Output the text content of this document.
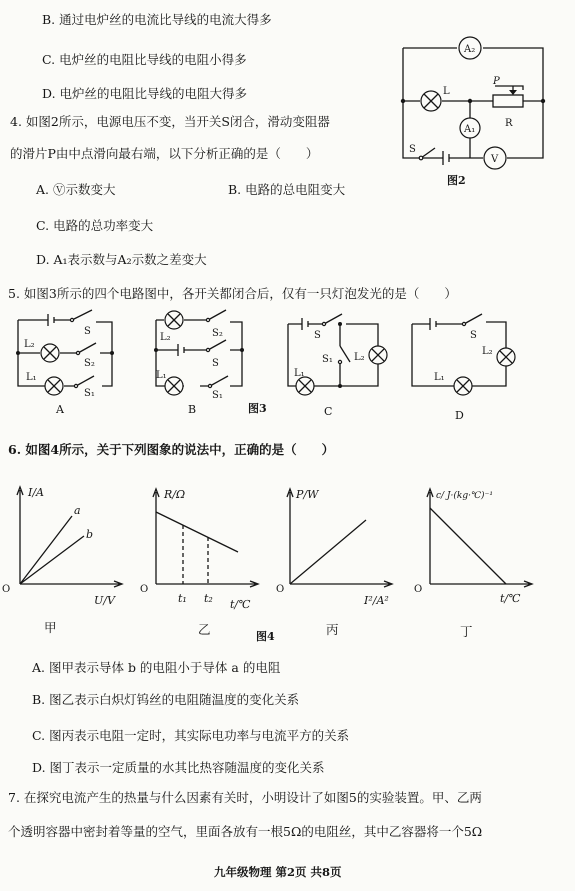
B. 通过电炉丝的电流比导线的电流大得多
C. 电炉丝的电阻比导线的电阻小得多
D. 电炉丝的电阻比导线的电阻大得多
4. 如图2所示，电源电压不变，当开关S闭合，滑动变阻器
的滑片P由中点滑向最右端，以下分析正确的是（　　）
A. Ⓥ示数变大	B. 电路的总电阻变大
C. 电路的总功率变大
D. A₁表示数与A₂示数之差变大
A₂
L
P
R
A₁
S
V
图2
5. 如图3所示的四个电路图中，各开关都闭合后，仅有一只灯泡发光的是（　　）
S
L₂
S₂
L₁
S₁
L₂	S₂
S
L₁
S₁
S
S₁ L₂
L₁
S
L₂
L₁
A	B	图3	C	D
6. 如图4所示，关于下列图象的说法中，正确的是（　　）
I/A
a
b
O
U/V
甲
R/Ω
O
t₁ t₂ t/℃
乙	图4
P/W
O
I²/A²
丙
c/ J·(kg·℃)⁻¹
O
t/℃
丁
A. 图甲表示导体 b 的电阻小于导体 a 的电阻
B. 图乙表示白炽灯钨丝的电阻随温度的变化关系
C. 图丙表示电阻一定时，其实际电功率与电流平方的关系
D. 图丁表示一定质量的水其比热容随温度的变化关系
7. 在探究电流产生的热量与什么因素有关时，小明设计了如图5的实验装置。甲、乙两
个透明容器中密封着等量的空气，里面各放有一根5Ω的电阻丝，其中乙容器将一个5Ω
九年级物理 第2页 共8页
